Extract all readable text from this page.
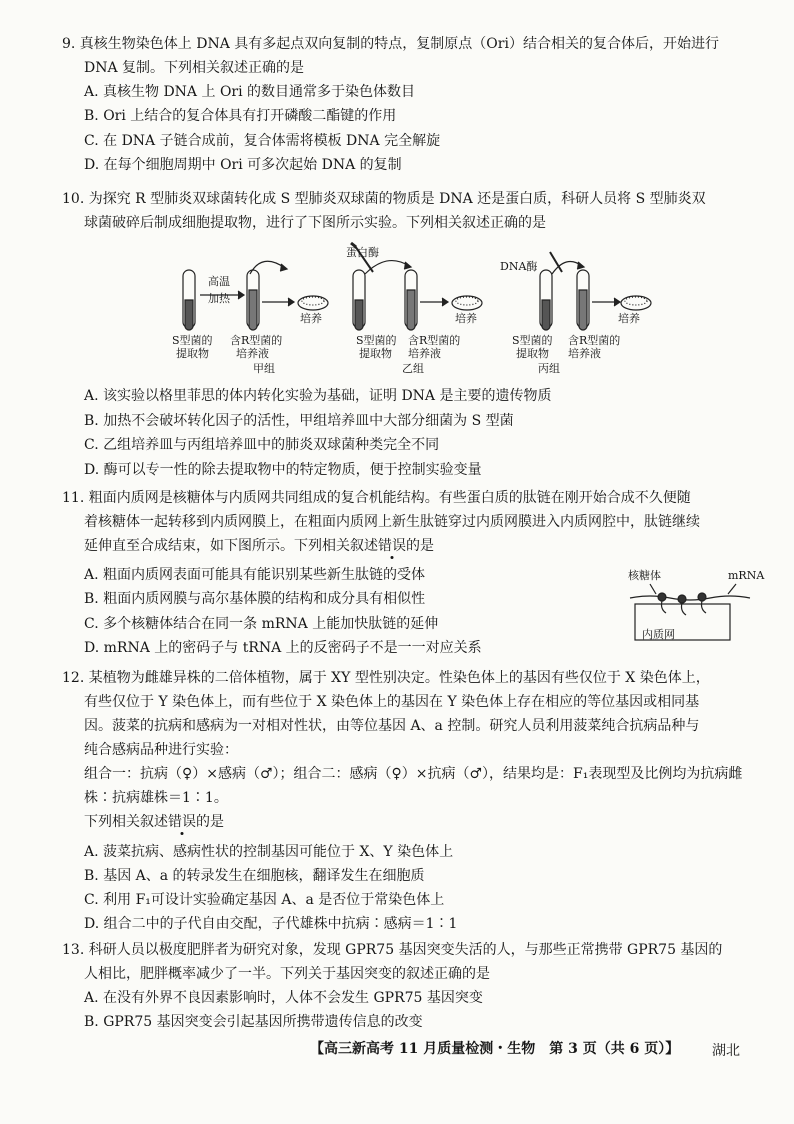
9. 真核生物染色体上 DNA 具有多起点双向复制的特点，复制原点（Ori）结合相关的复合体后，开始进行
DNA 复制。下列相关叙述正确的是
A. 真核生物 DNA 上 Ori 的数目通常多于染色体数目
B. Ori 上结合的复合体具有打开磷酸二酯键的作用
C. 在 DNA 子链合成前，复合体需将模板 DNA 完全解旋
D. 在每个细胞周期中 Ori 可多次起始 DNA 的复制
10. 为探究 R 型肺炎双球菌转化成 S 型肺炎双球菌的物质是 DNA 还是蛋白质，科研人员将 S 型肺炎双
球菌破碎后制成细胞提取物，进行了下图所示实验。下列相关叙述正确的是
高温
加热
培养
S型菌的
提取物
含R型菌的
培养液
甲组
蛋白酶
培养
S型菌的
提取物
含R型菌的
培养液
乙组
DNA酶
培养
S型菌的
提取物
含R型菌的
培养液
丙组
A. 该实验以格里菲思的体内转化实验为基础，证明 DNA 是主要的遗传物质
B. 加热不会破坏转化因子的活性，甲组培养皿中大部分细菌为 S 型菌
C. 乙组培养皿与丙组培养皿中的肺炎双球菌种类完全不同
D. 酶可以专一性的除去提取物中的特定物质，便于控制实验变量
11. 粗面内质网是核糖体与内质网共同组成的复合机能结构。有些蛋白质的肽链在刚开始合成不久便随
着核糖体一起转移到内质网膜上，在粗面内质网上新生肽链穿过内质网膜进入内质网腔中，肽链继续
延伸直至合成结束，如下图所示。下列相关叙述错误的是
A. 粗面内质网表面可能具有能识别某些新生肽链的受体
B. 粗面内质网膜与高尔基体膜的结构和成分具有相似性
C. 多个核糖体结合在同一条 mRNA 上能加快肽链的延伸
D. mRNA 上的密码子与 tRNA 上的反密码子不是一一对应关系
核糖体	mRNA
内质网
12. 某植物为雌雄异株的二倍体植物，属于 XY 型性别决定。性染色体上的基因有些仅位于 X 染色体上，
有些仅位于 Y 染色体上，而有些位于 X 染色体上的基因在 Y 染色体上存在相应的等位基因或相同基
因。菠菜的抗病和感病为一对相对性状，由等位基因 A、a 控制。研究人员利用菠菜纯合抗病品种与
纯合感病品种进行实验：
组合一：抗病（♀）×感病（♂）；组合二：感病（♀）×抗病（♂），结果均是：F₁表现型及比例均为抗病雌
株∶抗病雄株＝1∶1。
下列相关叙述错误的是
A. 菠菜抗病、感病性状的控制基因可能位于 X、Y 染色体上
B. 基因 A、a 的转录发生在细胞核，翻译发生在细胞质
C. 利用 F₁可设计实验确定基因 A、a 是否位于常染色体上
D. 组合二中的子代自由交配，子代雄株中抗病∶感病＝1∶1
13. 科研人员以极度肥胖者为研究对象，发现 GPR75 基因突变失活的人，与那些正常携带 GPR75 基因的
人相比，肥胖概率减少了一半。下列关于基因突变的叙述正确的是
A. 在没有外界不良因素影响时，人体不会发生 GPR75 基因突变
B. GPR75 基因突变会引起基因所携带遗传信息的改变
【高三新高考 11 月质量检测・生物　第 3 页（共 6 页）】 湖北
